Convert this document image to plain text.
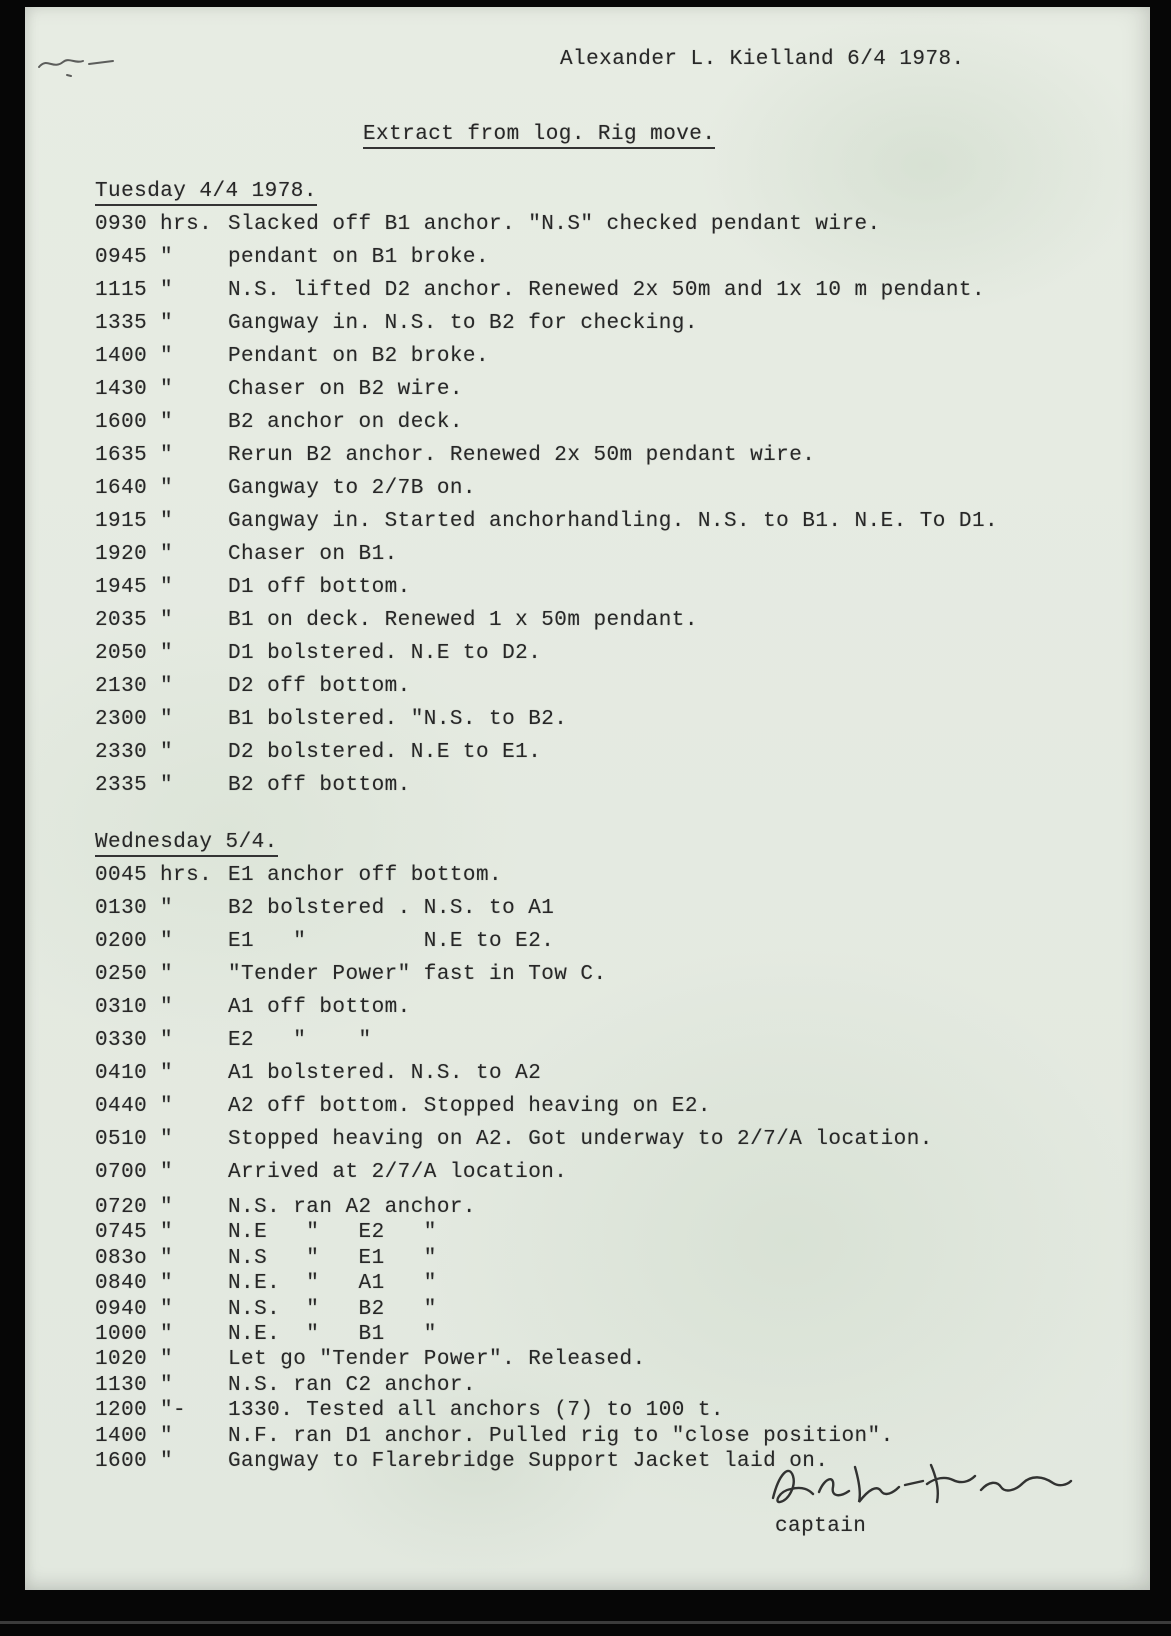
Alexander L. Kielland 6/4 1978.
Extract from log. Rig move.
Tuesday 4/4 1978.
0930 hrs. Slacked off B1 anchor. "N.S" checked pendant wire.
0945 "	pendant on B1 broke.
1115 "	N.S. lifted D2 anchor. Renewed 2x 50m and 1x 10 m pendant.
1335 "	Gangway in. N.S. to B2 for checking.
1400 "	Pendant on B2 broke.
1430 "	Chaser on B2 wire.
1600 "	B2 anchor on deck.
1635 "	Rerun B2 anchor. Renewed 2x 50m pendant wire.
1640 "	Gangway to 2/7B on.
1915 "	Gangway in. Started anchorhandling. N.S. to B1. N.E. To D1.
1920 "	Chaser on B1.
1945 "	D1 off bottom.
2035 "	B1 on deck. Renewed 1 x 50m pendant.
2050 "	D1 bolstered. N.E to D2.
2130 "	D2 off bottom.
2300 "	B1 bolstered. "N.S. to B2.
2330 "	D2 bolstered. N.E to E1.
2335 "	B2 off bottom.
Wednesday 5/4.
0045 hrs. E1 anchor off bottom.
0130 "	B2 bolstered . N.S. to A1
0200 "	E1   "         N.E to E2.
0250 "	"Tender Power" fast in Tow C.
0310 "	A1 off bottom.
0330 "	E2   "    "
0410 "	A1 bolstered. N.S. to A2
0440 "	A2 off bottom. Stopped heaving on E2.
0510 "	Stopped heaving on A2. Got underway to 2/7/A location.
0700 "	Arrived at 2/7/A location.
0720 "	N.S. ran A2 anchor.
0745 "	N.E   "   E2   "
083o "	N.S   "   E1   "
0840 "	N.E.  "   A1   "
0940 "	N.S.  "   B2   "
1000 "	N.E.  "   B1   "
1020 "	Let go "Tender Power". Released.
1130 "	N.S. ran C2 anchor.
1200 "-	1330. Tested all anchors (7) to 100 t.
1400 "	N.F. ran D1 anchor. Pulled rig to "close position".
1600 "	Gangway to Flarebridge Support Jacket laid on.
captain
